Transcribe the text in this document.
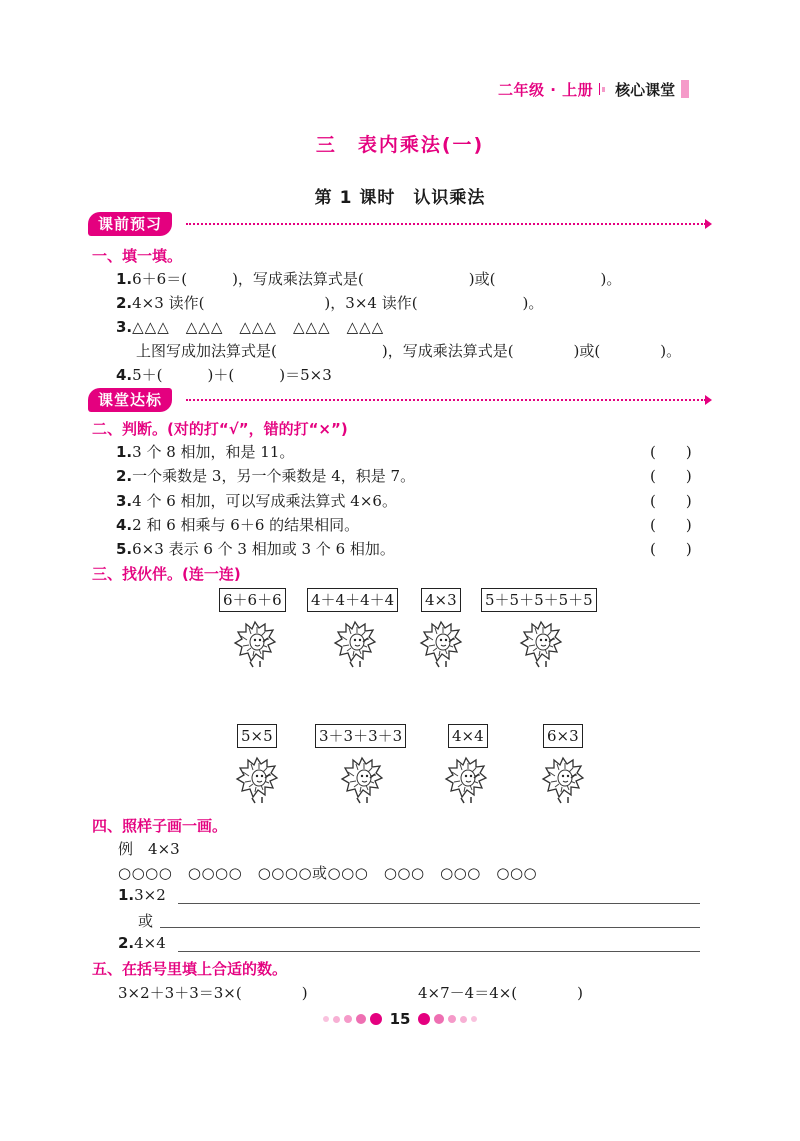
二年级 · 上册 核心课堂
三　表内乘法(一)
第 1 课时　认识乘法
课前预习
一、填一填。
1.6＋6＝(　　　)，写成乘法算式是(　　　　　　　)或(　　　　　　　)。
2.4×3 读作(　　　　　　　　)，3×4 读作(　　　　　　　)。
3.△△△　△△△　△△△　△△△　△△△
上图写成加法算式是(　　　　　　　)，写成乘法算式是(　　　　)或(　　　　)。
4.5＋(　　　)＋(　　　)＝5×3
课堂达标
二、判断。(对的打“√”，错的打“×”)
1.3 个 8 相加，和是 11。	(　　)
2.一个乘数是 3，另一个乘数是 4，积是 7。	(　　)
3.4 个 6 相加，可以写成乘法算式 4×6。	(　　)
4.2 和 6 相乘与 6＋6 的结果相同。	(　　)
5.6×3 表示 6 个 3 相加或 3 个 6 相加。	(　　)
三、找伙伴。(连一连)
6＋6＋6 4＋4＋4＋4 4×3 5＋5＋5＋5＋5
5×5	3＋3＋3＋3	4×4	6×3
四、照样子画一画。
例　 4×3
○○○○　○○○○　○○○○或○○○　○○○　○○○　○○○
1.3×2
或
2.4×4
五、在括号里填上合适的数。
3×2＋3＋3＝3×(　　　　)	4×7－4＝4×(　　　　)
15
